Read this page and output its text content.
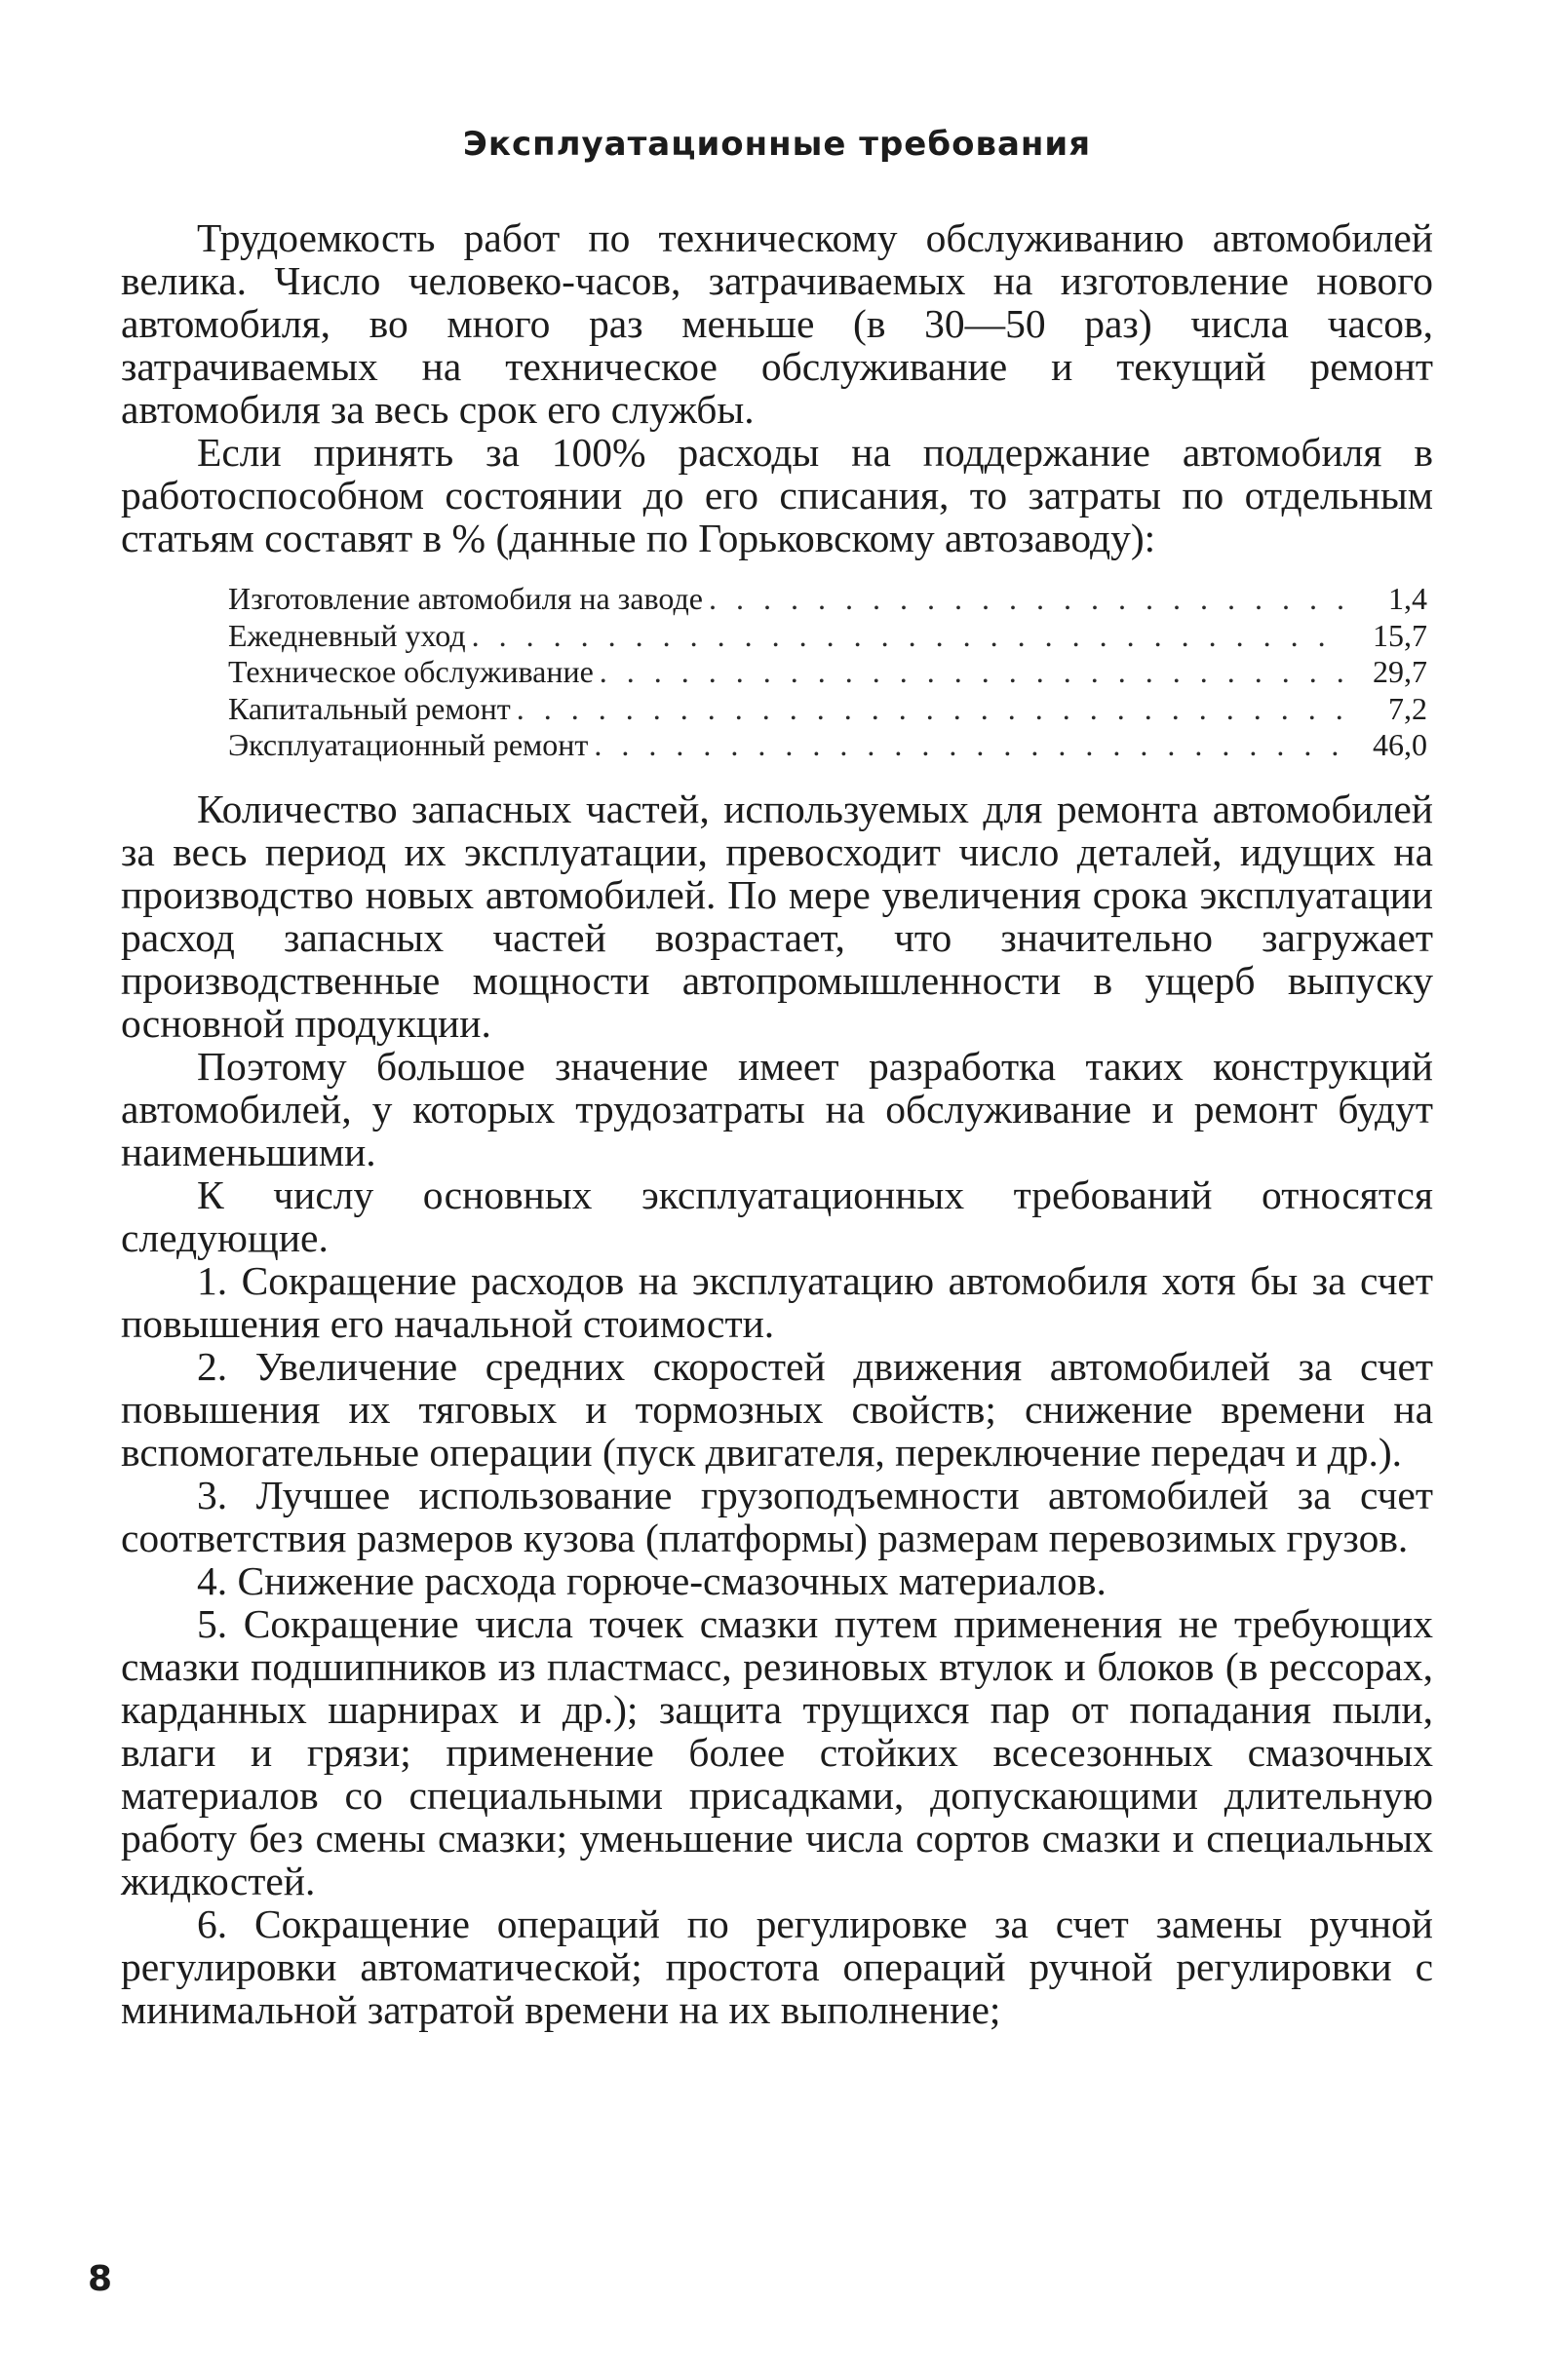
Эксплуатационные требования

Трудоемкость работ по техническому обслуживанию автомобилей велика. Число человеко-часов, затрачиваемых на изготовление нового автомобиля, во много раз меньше (в 30—50 раз) числа часов, затрачиваемых на техническое обслуживание и текущий ремонт автомобиля за весь срок его службы.

Если принять за 100% расходы на поддержание автомобиля в работоспособном состоянии до его списания, то затраты по отдельным статьям составят в % (данные по Горьковскому автозаводу):

Изготовление автомобиля на заводе . . .	1,4
Ежедневный уход . . .	15,7
Техническое обслуживание . . .	29,7
Капитальный ремонт . . .	7,2
Эксплуатационный ремонт . . .	46,0

Количество запасных частей, используемых для ремонта автомобилей за весь период их эксплуатации, превосходит число деталей, идущих на производство новых автомобилей. По мере увеличения срока эксплуатации расход запасных частей возрастает, что значительно загружает производственные мощности автопромышленности в ущерб выпуску основной продукции.

Поэтому большое значение имеет разработка таких конструкций автомобилей, у которых трудозатраты на обслуживание и ремонт будут наименьшими.

К числу основных эксплуатационных требований относятся следующие.

1. Сокращение расходов на эксплуатацию автомобиля хотя бы за счет повышения его начальной стоимости.

2. Увеличение средних скоростей движения автомобилей за счет повышения их тяговых и тормозных свойств; снижение времени на вспомогательные операции (пуск двигателя, переключение передач и др.).

3. Лучшее использование грузоподъемности автомобилей за счет соответствия размеров кузова (платформы) размерам перевозимых грузов.

4. Снижение расхода горюче-смазочных материалов.

5. Сокращение числа точек смазки путем применения не требующих смазки подшипников из пластмасс, резиновых втулок и блоков (в рессорах, карданных шарнирах и др.); защита трущихся пар от попадания пыли, влаги и грязи; применение более стойких всесезонных смазочных материалов со специальными присадками, допускающими длительную работу без смены смазки; уменьшение числа сортов смазки и специальных жидкостей.

6. Сокращение операций по регулировке за счет замены ручной регулировки автоматической; простота операций ручной регулировки с минимальной затратой времени на их выполнение;

8
